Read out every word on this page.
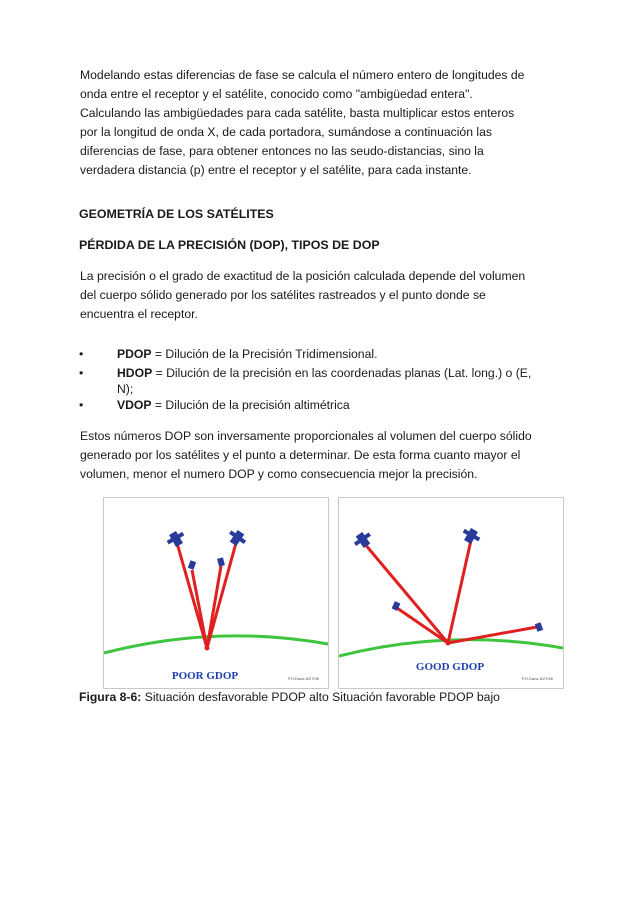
Modelando estas diferencias de fase se calcula el número entero de longitudes de

onda entre el receptor y el satélite, conocido como "ambigüedad entera".

Calculando las ambigüedades para cada satélite, basta multiplicar estos enteros

por la longitud de onda X, de cada portadora, sumándose a continuación las

diferencias de fase, para obtener entonces no las seudo-distancias, sino la

verdadera distancia (p) entre el receptor y el satélite, para cada instante.

GEOMETRÍA DE LOS SATÉLITES
PÉRDIDA DE LA PRECISIÓN (DOP), TIPOS DE DOP

La precisión o el grado de exactitud de la posición calculada depende del volumen

del cuerpo sólido generado por los satélites rastreados y el punto donde se

encuentra el receptor.

•	PDOP = Dilución de la Precisión Tridimensional.
•	HDOP = Dilución de la precisión en las coordenadas planas (Lat. long.) o (E,
N);
•	VDOP = Dilución de la precisión altimétrica

Estos números DOP son inversamente proporcionales al volumen del cuerpo sólido

generado por los satélites y el punto a determinar. De esta forma cuanto mayor el

volumen, menor el numero DOP y como consecuencia mejor la precisión.

POOR GDOP	P.H.Dana 8/27/96
GOOD GDOP
P.H.Dana 8/27/96
Figura 8-6: Situación desfavorable PDOP alto Situación favorable PDOP bajo
